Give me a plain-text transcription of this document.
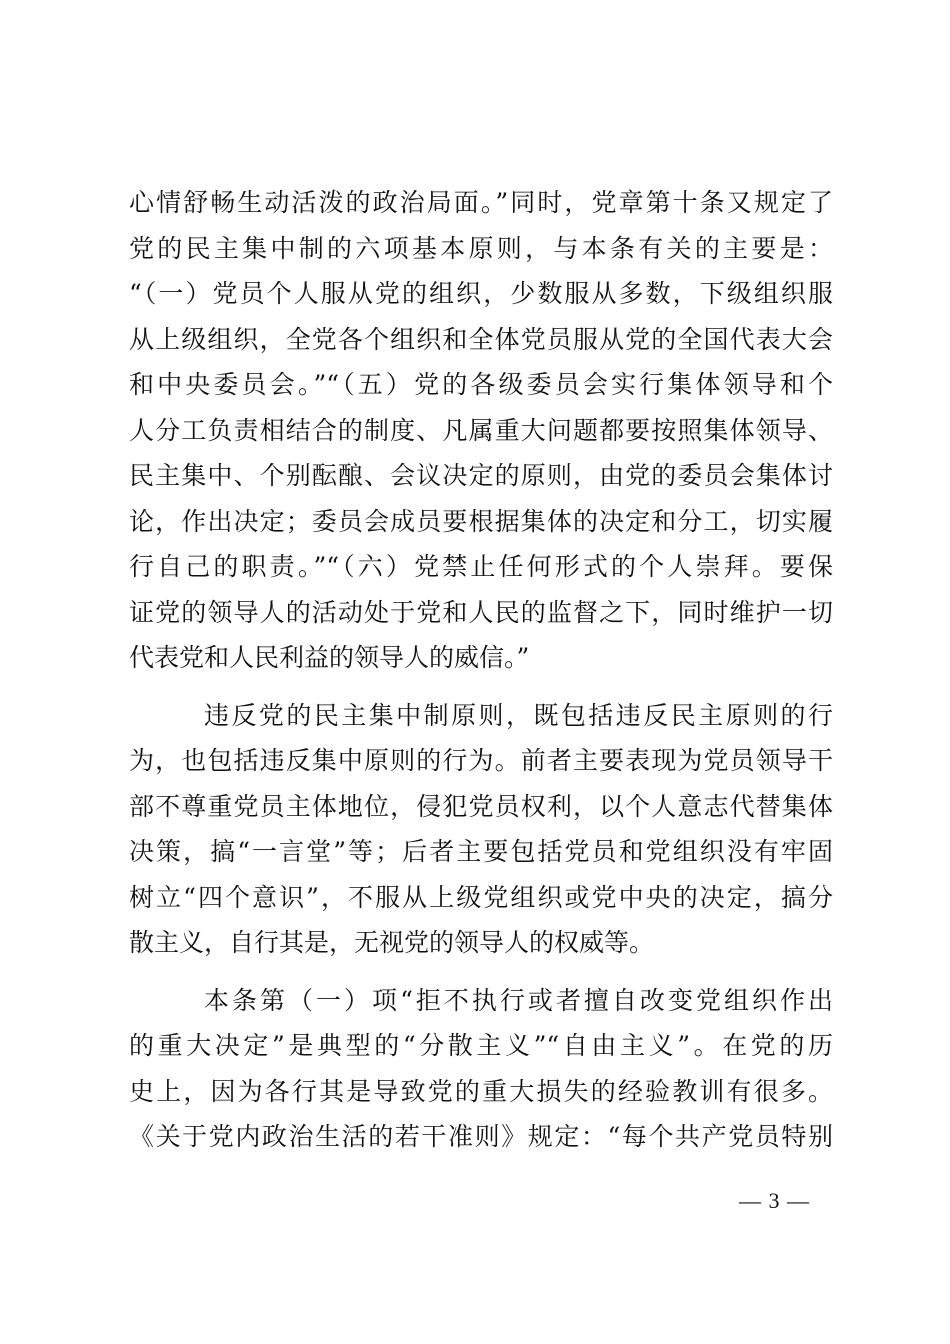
心情舒畅生动活泼的政治局面。”同时，党章第十条又规定了
党的民主集中制的六项基本原则，与本条有关的主要是：
“（一）党员个人服从党的组织，少数服从多数，下级组织服
从上级组织，全党各个组织和全体党员服从党的全国代表大会
和中央委员会。”“（五）党的各级委员会实行集体领导和个
人分工负责相结合的制度、凡属重大问题都要按照集体领导、
民主集中、个别酝酿、会议决定的原则，由党的委员会集体讨
论，作出决定；委员会成员要根据集体的决定和分工，切实履
行自己的职责。”“（六）党禁止任何形式的个人崇拜。要保
证党的领导人的活动处于党和人民的监督之下，同时维护一切
代表党和人民利益的领导人的威信。”
违反党的民主集中制原则，既包括违反民主原则的行
为，也包括违反集中原则的行为。前者主要表现为党员领导干
部不尊重党员主体地位，侵犯党员权利，以个人意志代替集体
决策，搞“一言堂”等；后者主要包括党员和党组织没有牢固
树立“四个意识”，不服从上级党组织或党中央的决定，搞分
散主义，自行其是，无视党的领导人的权威等。
本条第（一）项“拒不执行或者擅自改变党组织作出
的重大决定”是典型的“分散主义”“自由主义”。在党的历
史上，因为各行其是导致党的重大损失的经验教训有很多。
《关于党内政治生活的若干准则》规定：“每个共产党员特别
— 3 —
